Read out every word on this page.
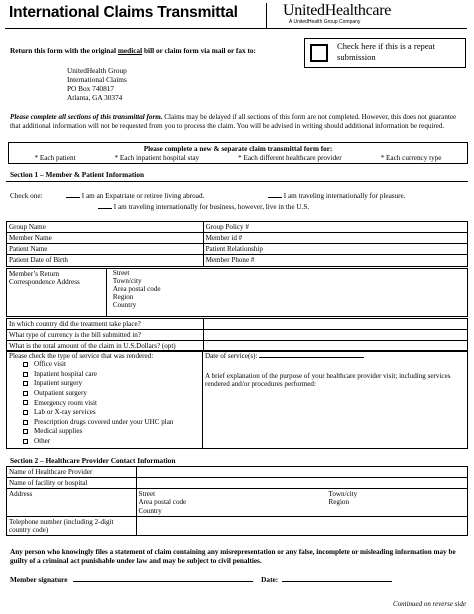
International Claims Transmittal	UnitedHealthcare
A UnitedHealth Group Company
Return this form with the original medical bill or claim form via mail or fax to:	Check here if this is a repeat submission
UnitedHealth Group
International Claims
PO Box 740817
Atlanta, GA 30374
Please complete all sections of this transmittal form. Claims may be delayed if all sections of this form are not completed. However, this does not guarantee that additional information will not be requested from you to process the claim. You will be advised in writing should additional information be required.
Please complete a new & separate claim transmittal form for:
* Each patient	* Each inpatient hospital stay	* Each different healthcare provider	* Each currency type
Section 1 – Member & Patient Information
Check one:	I am an Expatriate or retiree living abroad.	I am traveling internationally for pleasure.
I am traveling internationally for business, however, live in the U.S.
Group Name	Group Policy #
Member Name	Member id #
Patient Name	Patient Relationship
Patient Date of Birth	Member Phone #
Member’s Return Correspondence Address	
Street
Town/city
Area postal code
Region
Country
In which country did the treatment take place?	
What type of currency is the bill submitted in?	
What is the total amount of the claim in U.S.Dollars? (opt)	
Please check the type of service that was rendered:
Office visit
Inpatient hospital care
Inpatient surgery
Outpatient surgery
Emergency room visit
Lab or X-ray services
Prescription drugs covered under your UHC plan
Medical supplies
Other

Date of service(s):
A brief explanation of the purpose of your healthcare provider visit; including services rendered and/or procedures performed:
Section 2 – Healthcare Provider Contact Information
Name of Healthcare Provider	
Name of facility or hospital	
Address	Street
Area postal code
Country
Town/city
Region

Telephone number (including 2-digit country code)	
Any person who knowingly files a statement of claim containing any misrepresentation or any false, incomplete or misleading information may be guilty of a criminal act punishable under law and may be subject to civil penalties.
Member signature	Date:
Continued on reverse side
